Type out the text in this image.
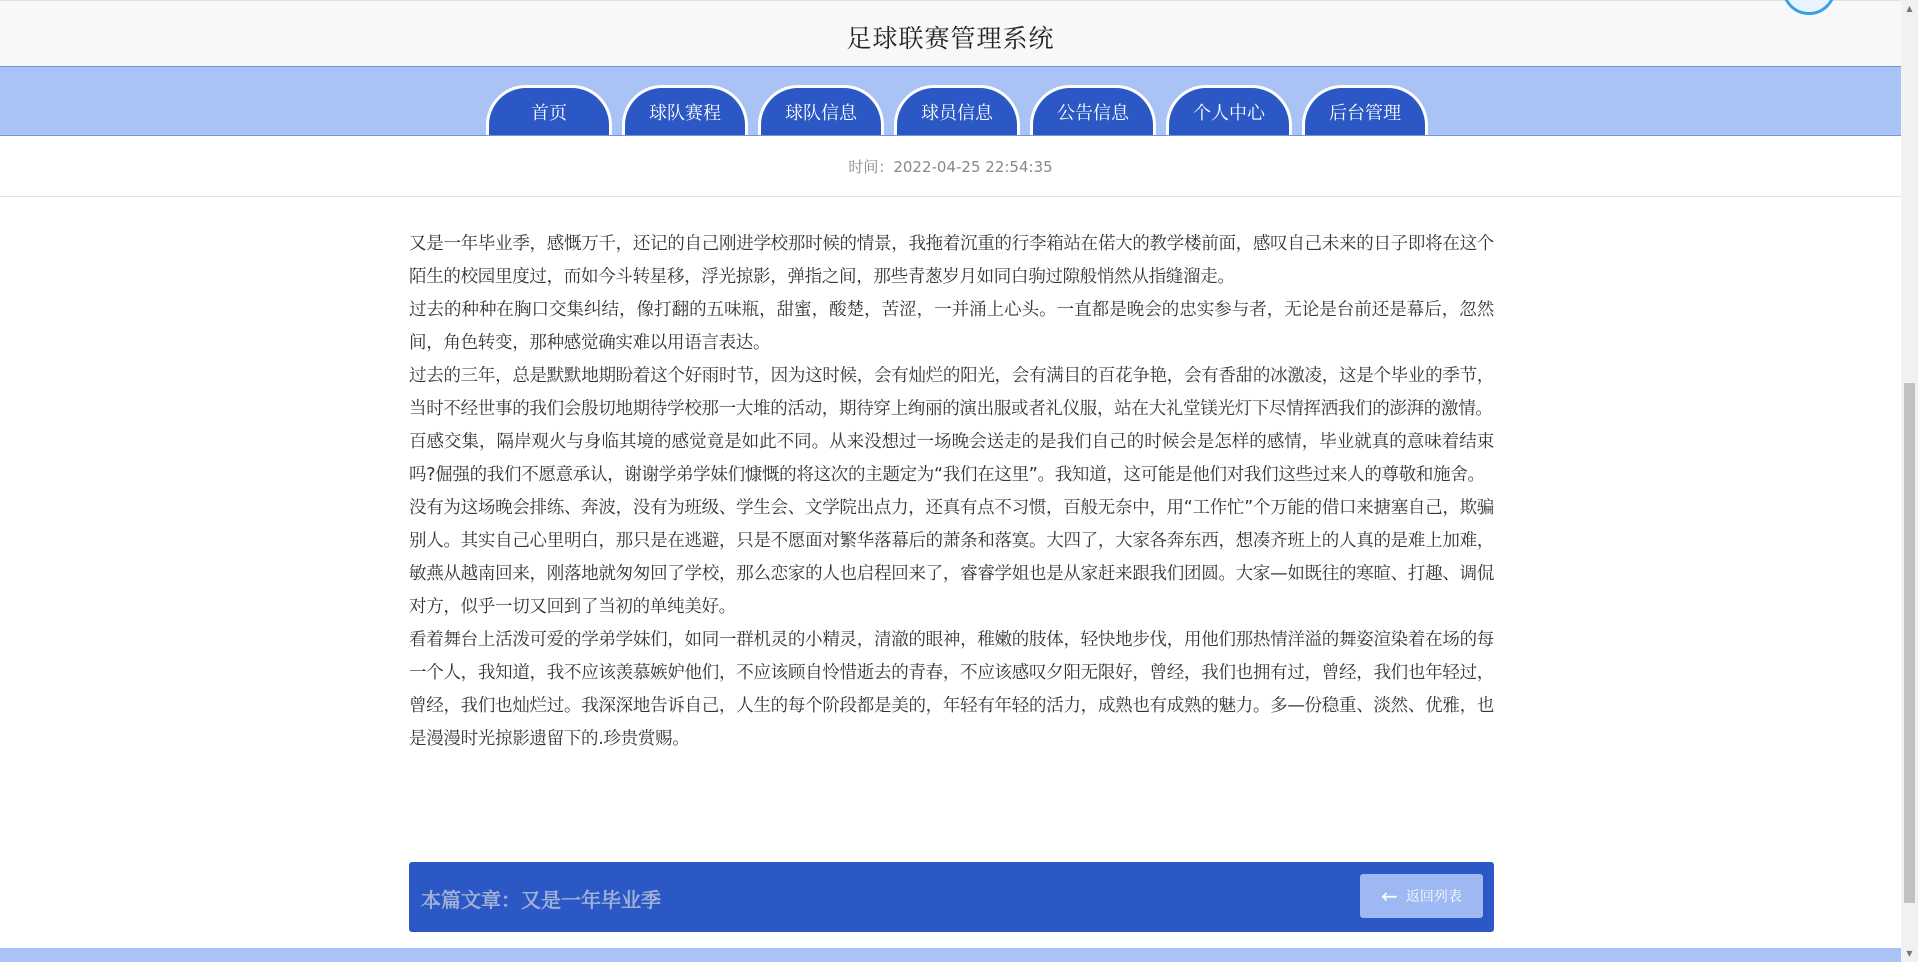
足球联赛管理系统
首页	球队赛程	球队信息	球员信息	公告信息	个人中心	后台管理
时间：2022-04-25 22:54:35

又是一年毕业季，感慨万千，还记的自己刚进学校那时候的情景，我拖着沉重的行李箱站在偌大的教学楼前面，感叹自己未来的日子即将在这个陌生的校园里度过，而如今斗转星移，浮光掠影，弹指之间，那些青葱岁月如同白驹过隙般悄然从指缝溜走。

过去的种种在胸口交集纠结，像打翻的五味瓶，甜蜜，酸楚，苦涩，一并涌上心头。一直都是晚会的忠实参与者，无论是台前还是幕后，忽然间，角色转变，那种感觉确实难以用语言表达。

过去的三年，总是默默地期盼着这个好雨时节，因为这时候，会有灿烂的阳光，会有满目的百花争艳，会有香甜的冰激凌，这是个毕业的季节，当时不经世事的我们会殷切地期待学校那一大堆的活动，期待穿上绚丽的演出服或者礼仪服，站在大礼堂镁光灯下尽情挥洒我们的澎湃的激情。

百感交集，隔岸观火与身临其境的感觉竟是如此不同。从来没想过一场晚会送走的是我们自己的时候会是怎样的感情，毕业就真的意味着结束吗?倔强的我们不愿意承认，谢谢学弟学妹们慷慨的将这次的主题定为“我们在这里”。我知道，这可能是他们对我们这些过来人的尊敬和施舍。

没有为这场晚会排练、奔波，没有为班级、学生会、文学院出点力，还真有点不习惯，百般无奈中，用“工作忙”个万能的借口来搪塞自己，欺骗别人。其实自己心里明白，那只是在逃避，只是不愿面对繁华落幕后的萧条和落寞。大四了，大家各奔东西，想凑齐班上的人真的是难上加难，敏燕从越南回来，刚落地就匆匆回了学校，那么恋家的人也启程回来了，睿睿学姐也是从家赶来跟我们团圆。大家—如既往的寒暄、打趣、调侃对方，似乎一切又回到了当初的单纯美好。

看着舞台上活泼可爱的学弟学妹们，如同一群机灵的小精灵，清澈的眼神，稚嫩的肢体，轻快地步伐，用他们那热情洋溢的舞姿渲染着在场的每一个人，我知道，我不应该羡慕嫉妒他们，不应该顾自怜惜逝去的青春，不应该感叹夕阳无限好，曾经，我们也拥有过，曾经，我们也年轻过，曾经，我们也灿烂过。我深深地告诉自己，人生的每个阶段都是美的，年轻有年轻的活力，成熟也有成熟的魅力。多—份稳重、淡然、优雅，也是漫漫时光掠影遗留下的.珍贵赏赐。

本篇文章：又是一年毕业季	← 返回列表
▲
▼
